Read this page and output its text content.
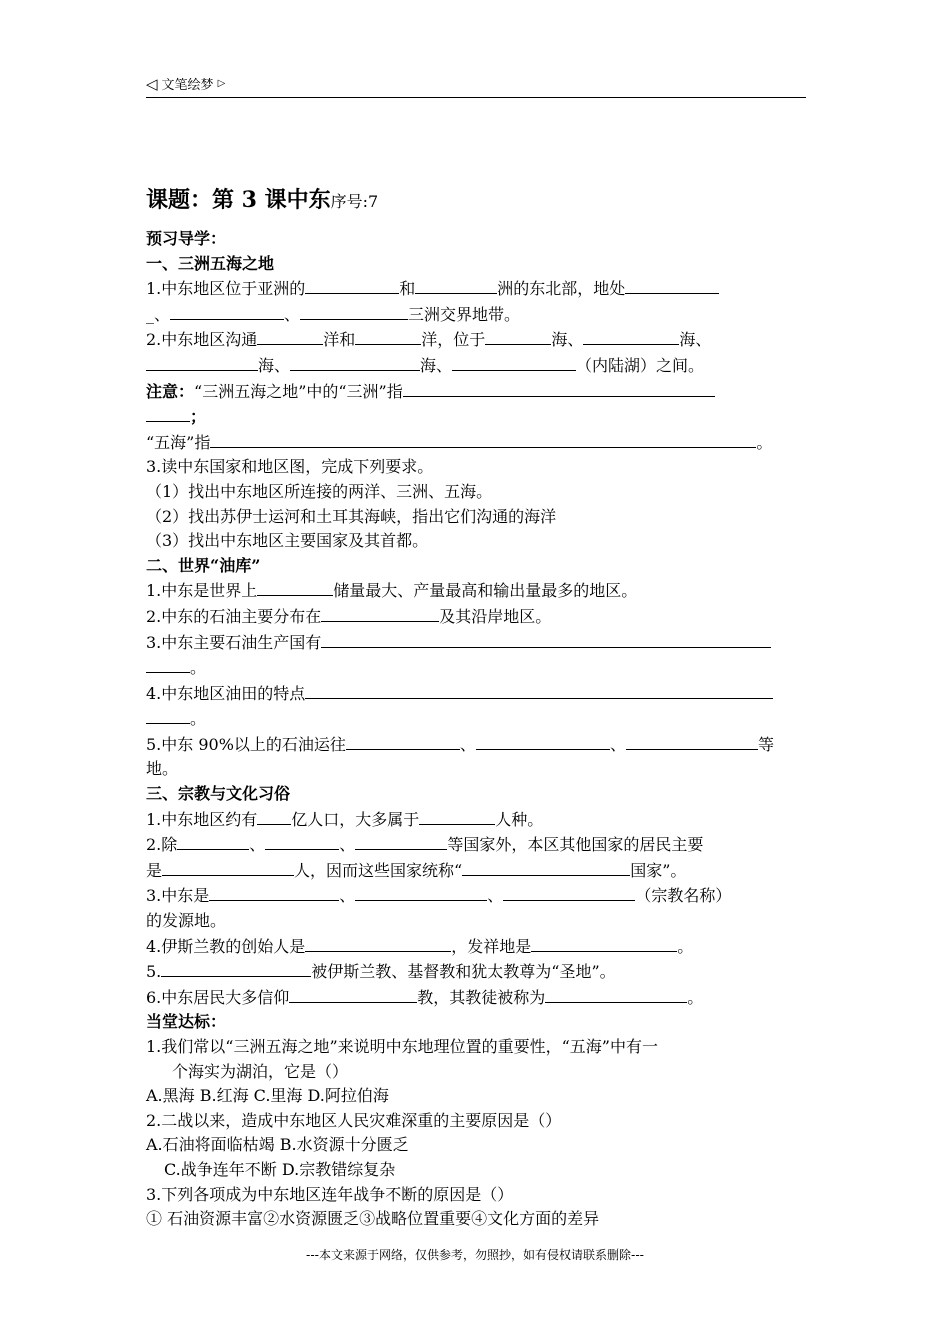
◁ 文笔绘梦 ▷
课题：第 3 课中东序号:7
预习导学：
一、三洲五海之地
1.中东地区位于亚洲的	和	洲的东北部，地处
_、	、	三洲交界地带。
2.中东地区沟通	洋和	洋，位于	海、	海、
海、	海、	（内陆湖）之间。
注意：“三洲五海之地”中的“三洲”指
；
“五海”指	。
3.读中东国家和地区图，完成下列要求。
（1）找出中东地区所连接的两洋、三洲、五海。
（2）找出苏伊士运河和土耳其海峡，指出它们沟通的海洋
（3）找出中东地区主要国家及其首都。
二、世界“油库”
1.中东是世界上	储量最大、产量最高和输出量最多的地区。
2.中东的石油主要分布在	及其沿岸地区。
3.中东主要石油生产国有
。
4.中东地区油田的特点
。
5.中东 90%以上的石油运往	、	、	等
地。
三、宗教与文化习俗
1.中东地区约有 亿人口，大多属于	人种。
2.除	、	、	等国家外，本区其他国家的居民主要
是	人，因而这些国家统称“	国家”。
3.中东是	、	、	（宗教名称）
的发源地。
4.伊斯兰教的创始人是	，发祥地是	。
5.	被伊斯兰教、基督教和犹太教尊为“圣地”。
6.中东居民大多信仰	教，其教徒被称为	。
当堂达标：
1.我们常以“三洲五海之地”来说明中东地理位置的重要性，“五海”中有一
个海实为湖泊，它是（）
A.黑海 B.红海 C.里海 D.阿拉伯海
2.二战以来，造成中东地区人民灾难深重的主要原因是（）
A.石油将面临枯竭 B.水资源十分匮乏
C.战争连年不断 D.宗教错综复杂
3.下列各项成为中东地区连年战争不断的原因是（）
① 石油资源丰富②水资源匮乏③战略位置重要④文化方面的差异
---本文来源于网络，仅供参考，勿照抄，如有侵权请联系删除---
